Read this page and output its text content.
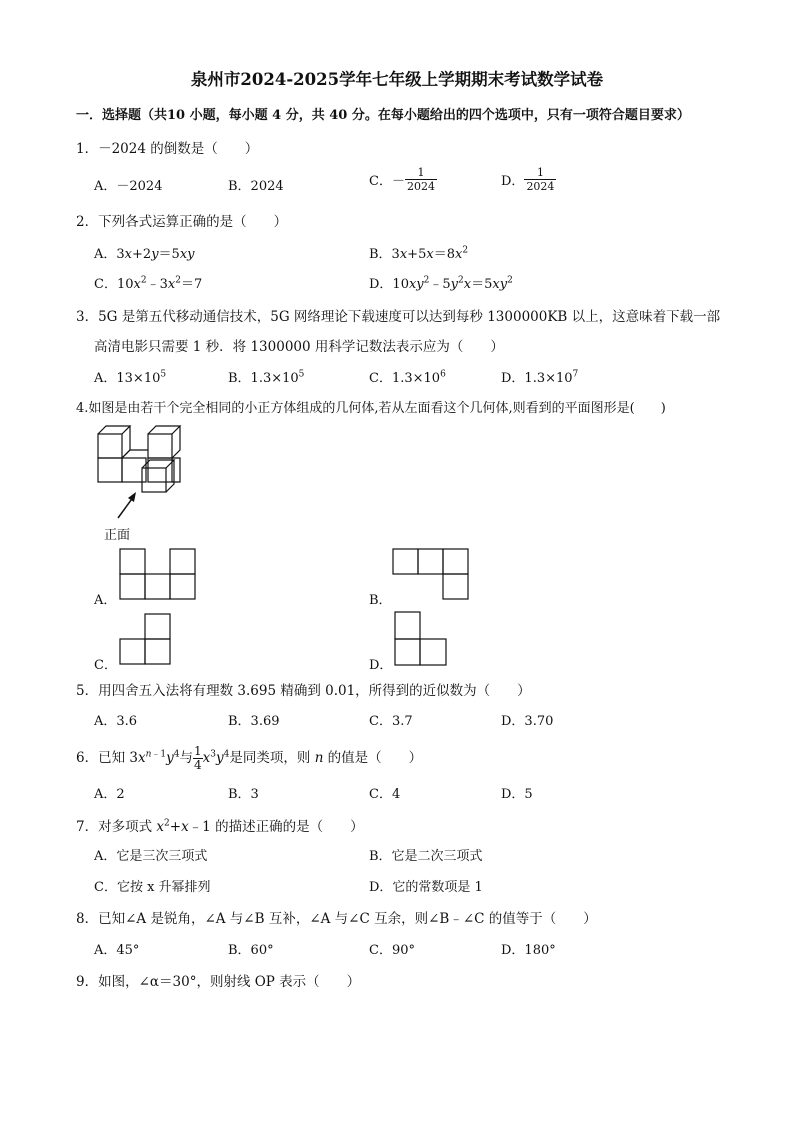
泉州市2024-2025学年七年级上学期期末考试数学试卷
一．选择题（共10 小题，每小题 4 分，共 40 分。在每小题给出的四个选项中，只有一项符合题目要求）
1．－2024 的倒数是（　　）
A．－2024	B．2024	C．－ $\frac{1}{2024}$	D． $\frac{1}{2024}$
2．下列各式运算正确的是（　　）
A．3x+2y＝5xy	B．$3x+5x=8x^2$
C．$10x^2﹣3x^2=7$	D．$10xy^2﹣5y^2x=5xy^2$
3．5G 是第五代移动通信技术，5G 网络理论下载速度可以达到每秒 1300000KB 以上，这意味着下载一部
高清电影只需要 1 秒．将 1300000 用科学记数法表示应为（　　）
A．$13\times 10^5$	B．$1.3\times 10^5$	C．$1.3\times 10^6$	D．$1.3\times 10^7$
4.如图是由若干个完全相同的小正方体组成的几何体,若从左面看这个几何体,则看到的平面图形是(　　)
正面
A．	B．
C．	D．
5．用四舍五入法将有理数 3.695 精确到 0.01，所得到的近似数为（　　）
A．3.6	B．3.69	C．3.7	D．3.70
6．已知 $3x^{n﹣1}y^4$与 $\frac{1}{4} x^3y^4$是同类项，则 n 的值是（　　）
A．2	B．3	C．4	D．5
7．对多项式 $x^2+x﹣1$ 的描述正确的是（　　）
A．它是三次三项式	B．它是二次三项式
C．它按 x 升幂排列	D．它的常数项是 1
8．已知∠A 是锐角，∠A 与∠B 互补，∠A 与∠C 互余，则∠B﹣∠C 的值等于（　　）
A．45°	B．60°	C．90°	D．180°
9．如图，∠α＝30°，则射线 OP 表示（　　）
